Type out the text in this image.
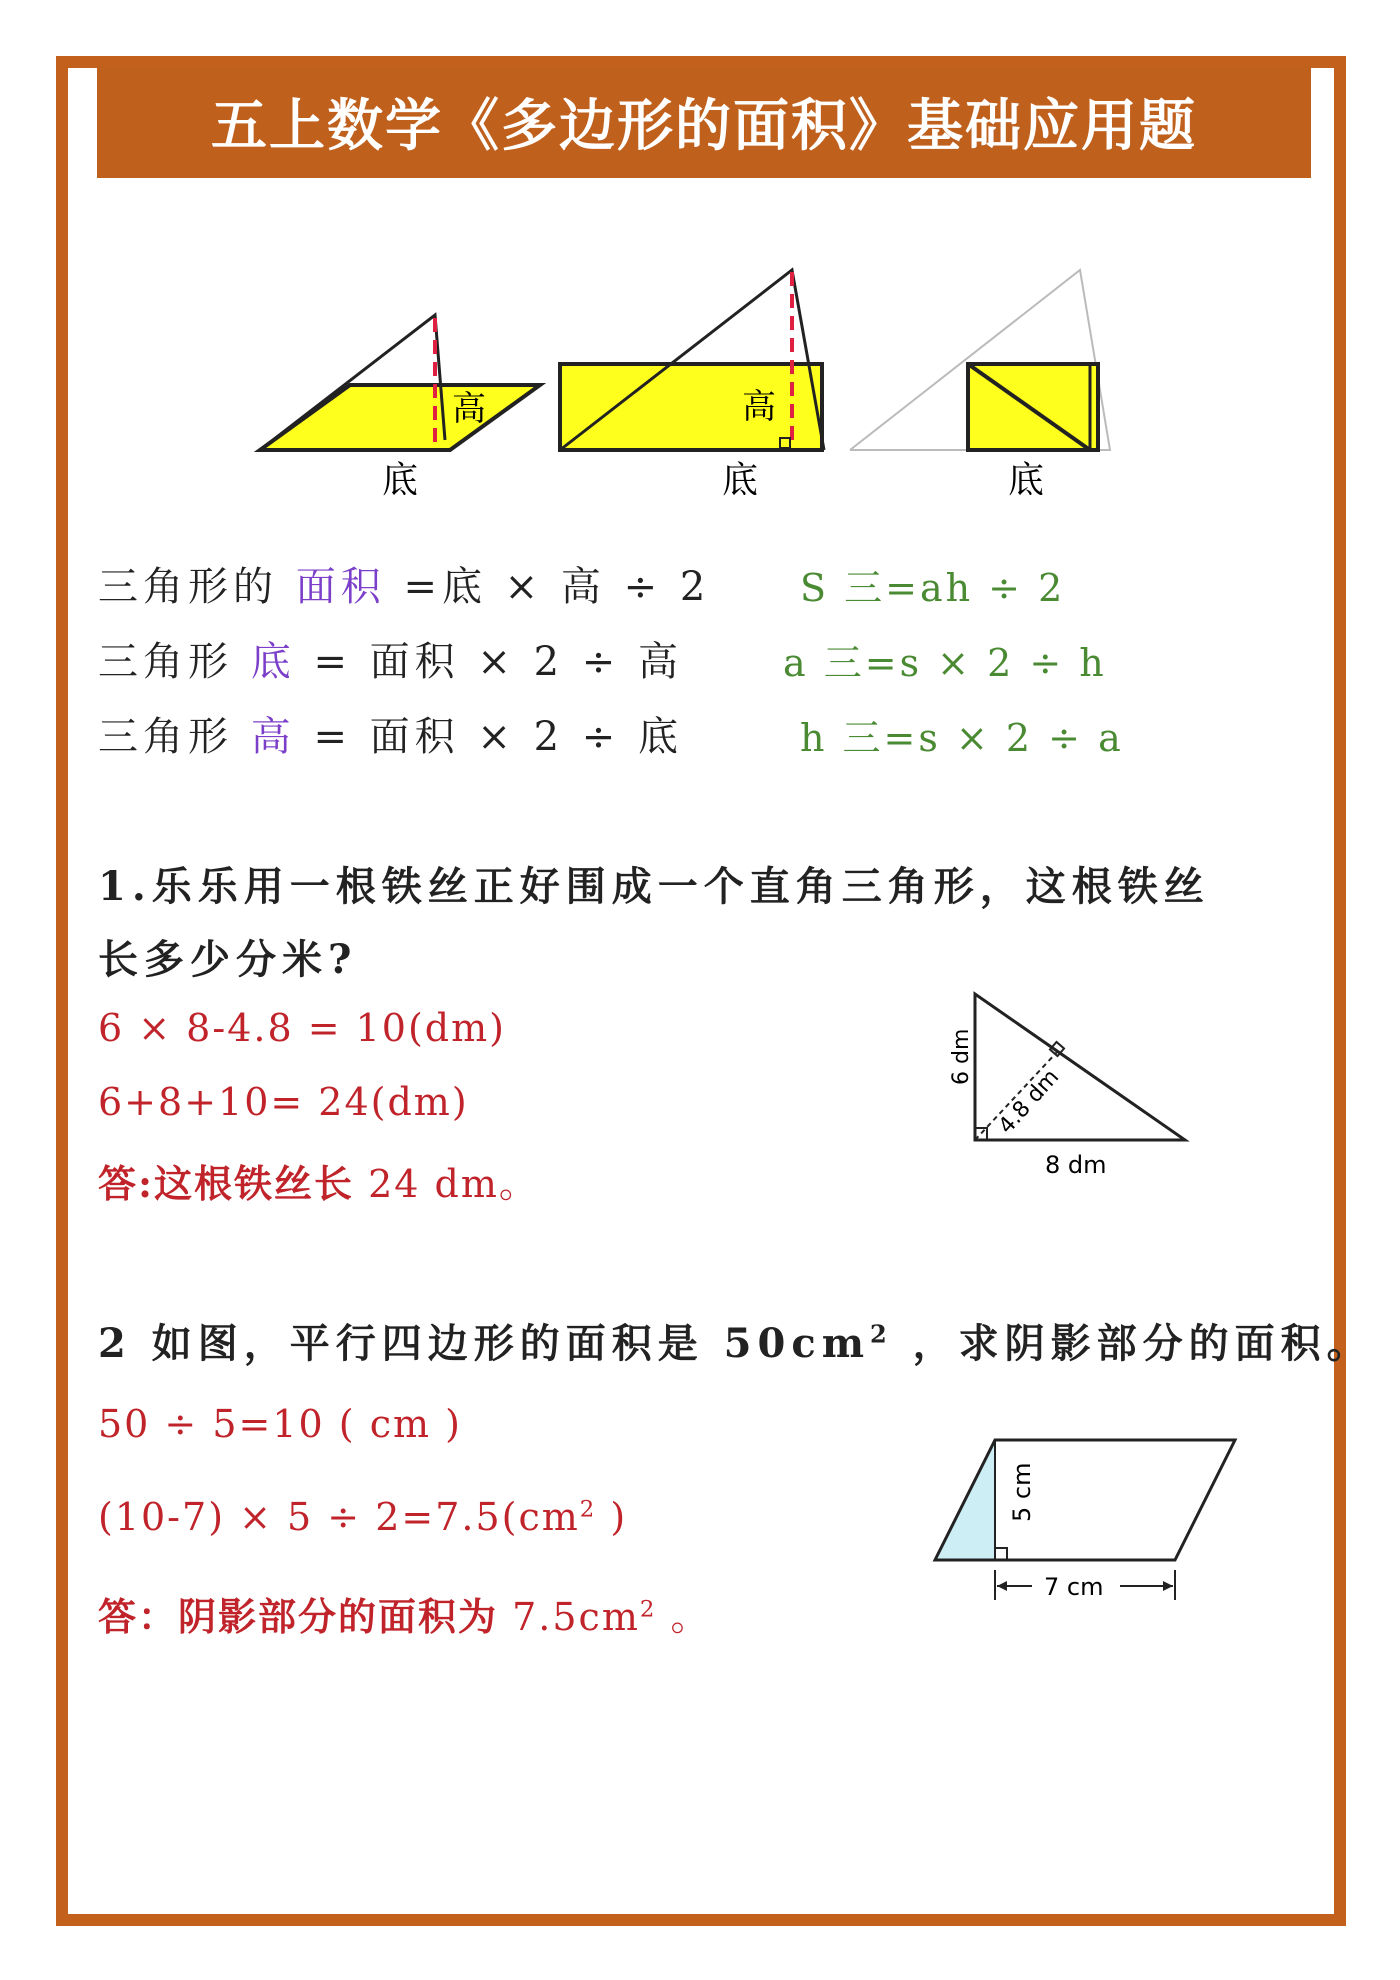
五上数学《多边形的面积》基础应用题
高
底
高
底	底
三角形的 面积 =底 × 高 ÷ 2 S 三=ah ÷ 2
三角形 底 = 面积 × 2 ÷ 高	a 三=s × 2 ÷ h
三角形 高 = 面积 × 2 ÷ 底	h 三=s × 2 ÷ a
1.乐乐用一根铁丝正好围成一个直角三角形，这根铁丝
长多少分米?
6 × 8-4.8 = 10(dm)
6+8+10= 24(dm)
答:这根铁丝长 24 dm。
6 dm
4.8 dm
8 dm
2 如图，平行四边形的面积是 $50cm^2$ ，求阴影部分的面积。
50 ÷ 5=10 ( cm )
$(10-7) \times 5 \div 2=7.5(cm^2$ )
答：阴影部分的面积为 $7.5cm^2$ 。
5 cm
7 cm
